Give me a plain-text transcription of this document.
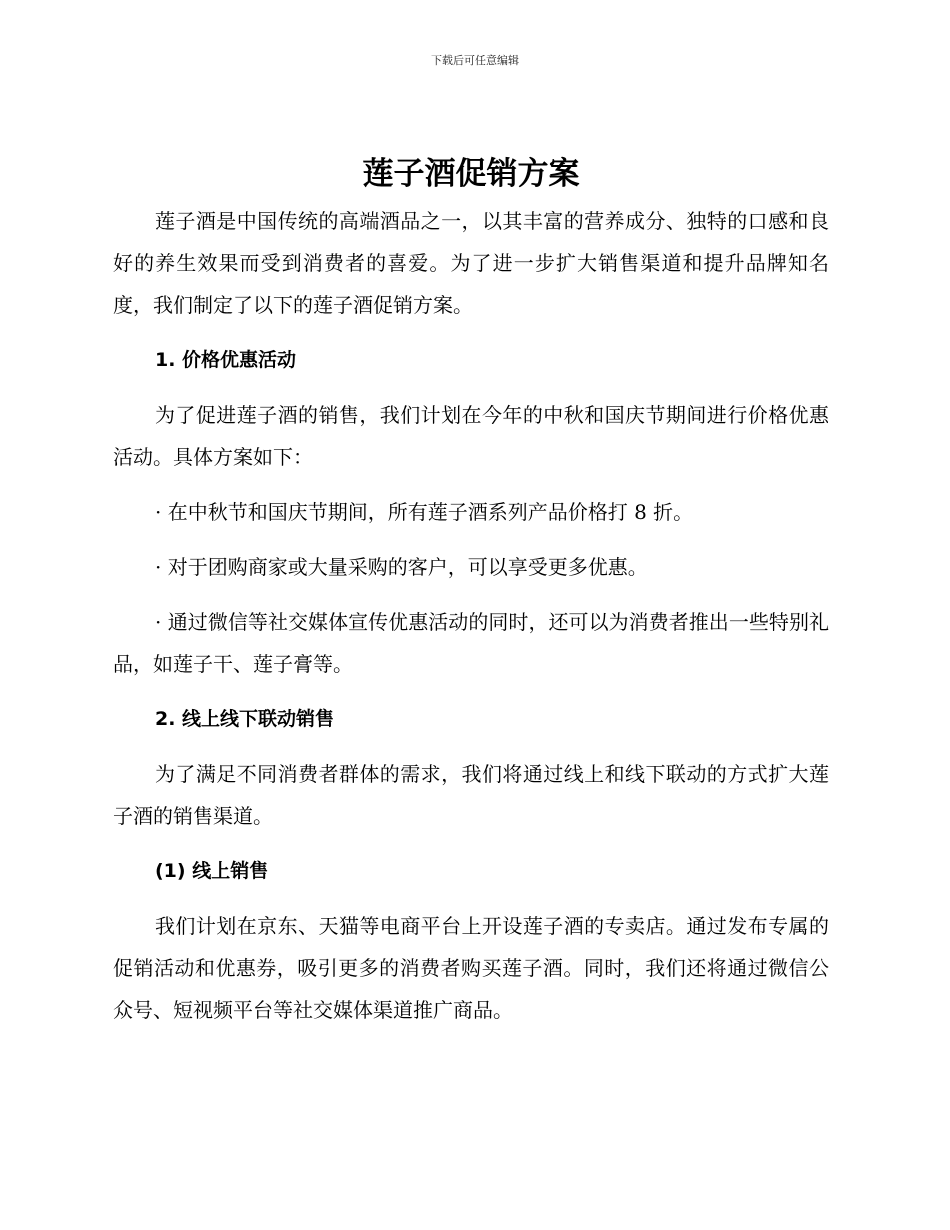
下载后可任意编辑
莲子酒促销方案

莲子酒是中国传统的高端酒品之一，以其丰富的营养成分、独特的口感和良好的养生效果而受到消费者的喜爱。为了进一步扩大销售渠道和提升品牌知名度，我们制定了以下的莲子酒促销方案。

1. 价格优惠活动

为了促进莲子酒的销售，我们计划在今年的中秋和国庆节期间进行价格优惠活动。具体方案如下：

· 在中秋节和国庆节期间，所有莲子酒系列产品价格打 8 折。

· 对于团购商家或大量采购的客户，可以享受更多优惠。

· 通过微信等社交媒体宣传优惠活动的同时，还可以为消费者推出一些特别礼品，如莲子干、莲子膏等。

2. 线上线下联动销售

为了满足不同消费者群体的需求，我们将通过线上和线下联动的方式扩大莲子酒的销售渠道。

(1) 线上销售

我们计划在京东、天猫等电商平台上开设莲子酒的专卖店。通过发布专属的促销活动和优惠券，吸引更多的消费者购买莲子酒。同时，我们还将通过微信公众号、短视频平台等社交媒体渠道推广商品。
